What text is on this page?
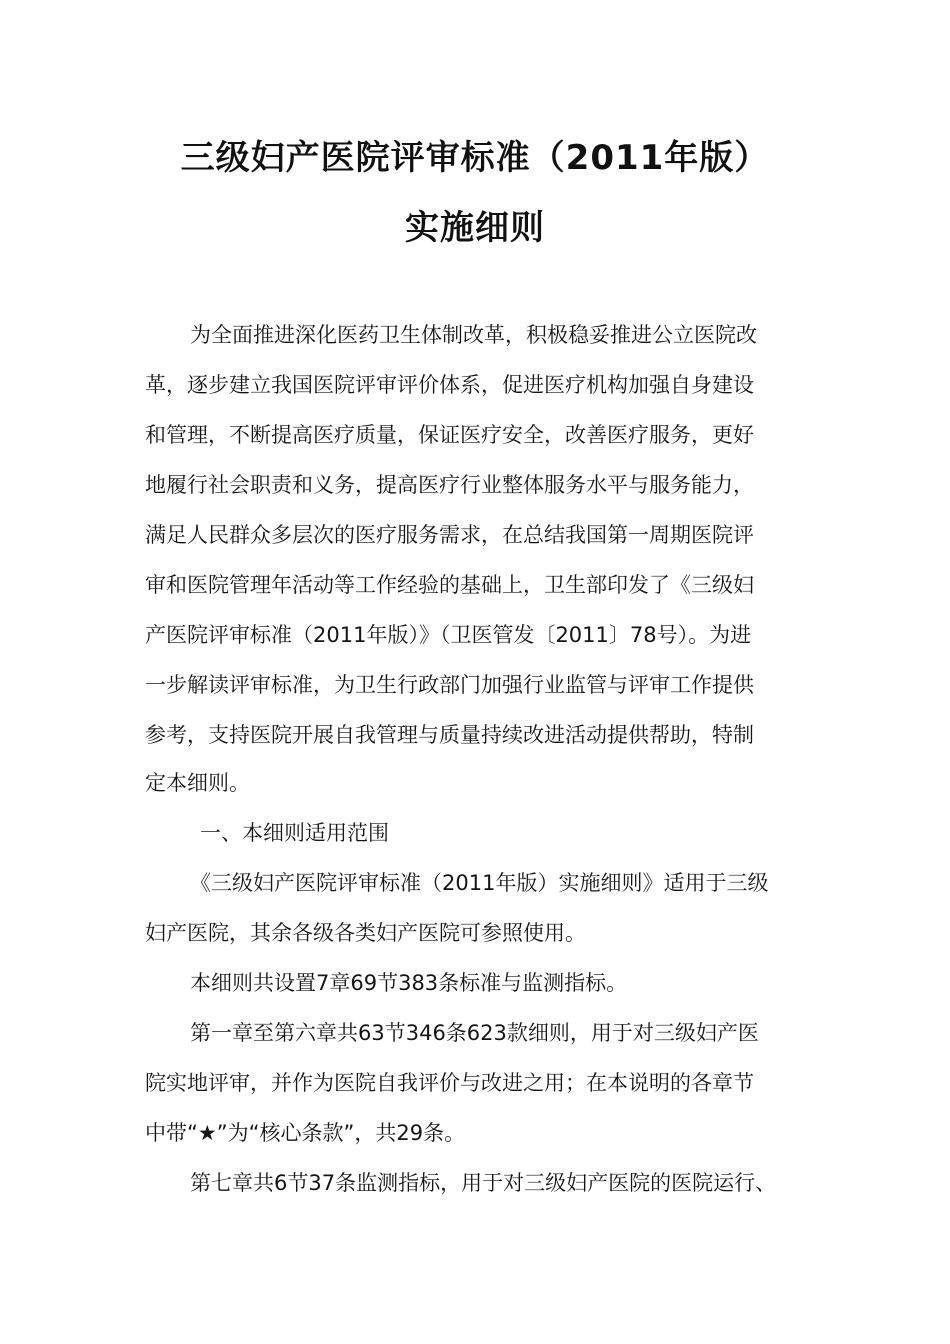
三级妇产医院评审标准（2011年版）
实施细则
为全面推进深化医药卫生体制改革，积极稳妥推进公立医院改
革，逐步建立我国医院评审评价体系，促进医疗机构加强自身建设
和管理，不断提高医疗质量，保证医疗安全，改善医疗服务，更好
地履行社会职责和义务，提高医疗行业整体服务水平与服务能力，
满足人民群众多层次的医疗服务需求，在总结我国第一周期医院评
审和医院管理年活动等工作经验的基础上，卫生部印发了《三级妇
产医院评审标准（2011年版）》（卫医管发〔2011〕78号）。为进
一步解读评审标准，为卫生行政部门加强行业监管与评审工作提供
参考，支持医院开展自我管理与质量持续改进活动提供帮助，特制
定本细则。
一、本细则适用范围
《三级妇产医院评审标准（2011年版）实施细则》适用于三级
妇产医院，其余各级各类妇产医院可参照使用。
本细则共设置7章69节383条标准与监测指标。
第一章至第六章共63节346条623款细则，用于对三级妇产医
院实地评审，并作为医院自我评价与改进之用；在本说明的各章节
中带“★”为“核心条款”，共29条。
第七章共6节37条监测指标，用于对三级妇产医院的医院运行、
